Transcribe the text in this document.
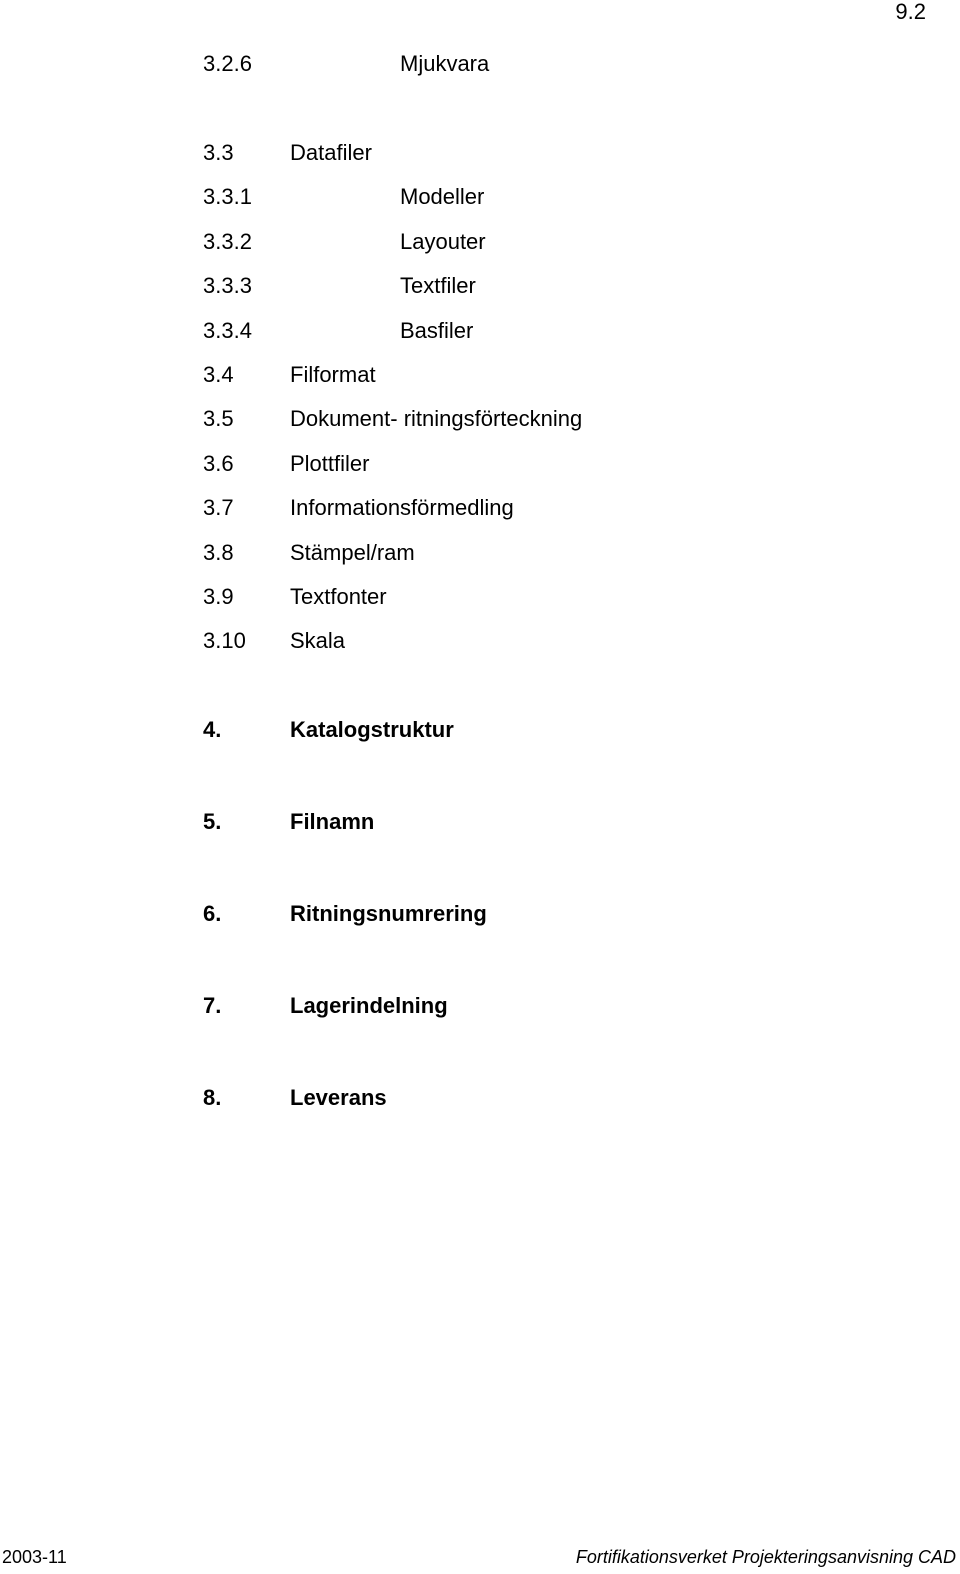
9.2
3.2.6	Mjukvara
3.3	Datafiler
3.3.1	Modeller
3.3.2	Layouter
3.3.3	Textfiler
3.3.4	Basfiler
3.4	Filformat
3.5	Dokument- ritningsförteckning
3.6	Plottfiler
3.7	Informationsförmedling
3.8	Stämpel/ram
3.9	Textfonter
3.10 Skala
4.	Katalogstruktur
5.	Filnamn
6.	Ritningsnumrering
7.	Lagerindelning
8.	Leverans
2003-11	Fortifikationsverket Projekteringsanvisning CAD
